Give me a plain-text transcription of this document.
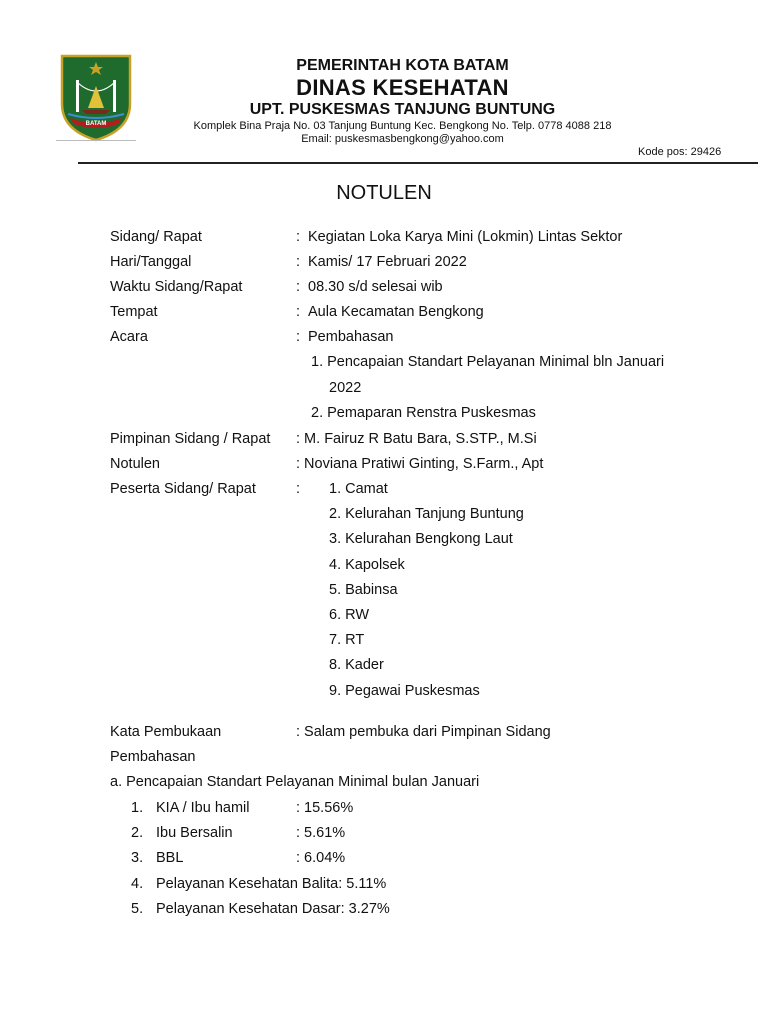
BATAM
PEMERINTAH KOTA BATAM
DINAS KESEHATAN
UPT. PUSKESMAS TANJUNG BUNTUNG
Komplek Bina Praja No. 03 Tanjung Buntung Kec. Bengkong No. Telp. 0778 4088 218
Email: puskesmasbengkong@yahoo.com
Kode pos: 29426
NOTULEN
Sidang/ Rapat	: Kegiatan Loka Karya Mini (Lokmin) Lintas Sektor
Hari/Tanggal	: Kamis/ 17 Februari 2022
Waktu Sidang/Rapat	: 08.30 s/d selesai wib
Tempat	: Aula Kecamatan Bengkong
Acara	: Pembahasan
1. Pencapaian Standart Pelayanan Minimal bln Januari
2022
2. Pemaparan Renstra Puskesmas
Pimpinan Sidang / Rapat : M. Fairuz R Batu Bara, S.STP., M.Si
Notulen	: Noviana Pratiwi Ginting, S.Farm., Apt
Peserta Sidang/ Rapat	: 1. Camat
2. Kelurahan Tanjung Buntung
3. Kelurahan Bengkong Laut
4. Kapolsek
5. Babinsa
6. RW
7. RT
8. Kader
9. Pegawai Puskesmas
Kata Pembukaan	: Salam pembuka dari Pimpinan Sidang
Pembahasan
a. Pencapaian Standart Pelayanan Minimal bulan Januari
1. KIA / Ibu hamil	: 15.56%
2. Ibu Bersalin	: 5.61%
3. BBL	: 6.04%
4. Pelayanan Kesehatan Balita: 5.11%
5. Pelayanan Kesehatan Dasar: 3.27%
